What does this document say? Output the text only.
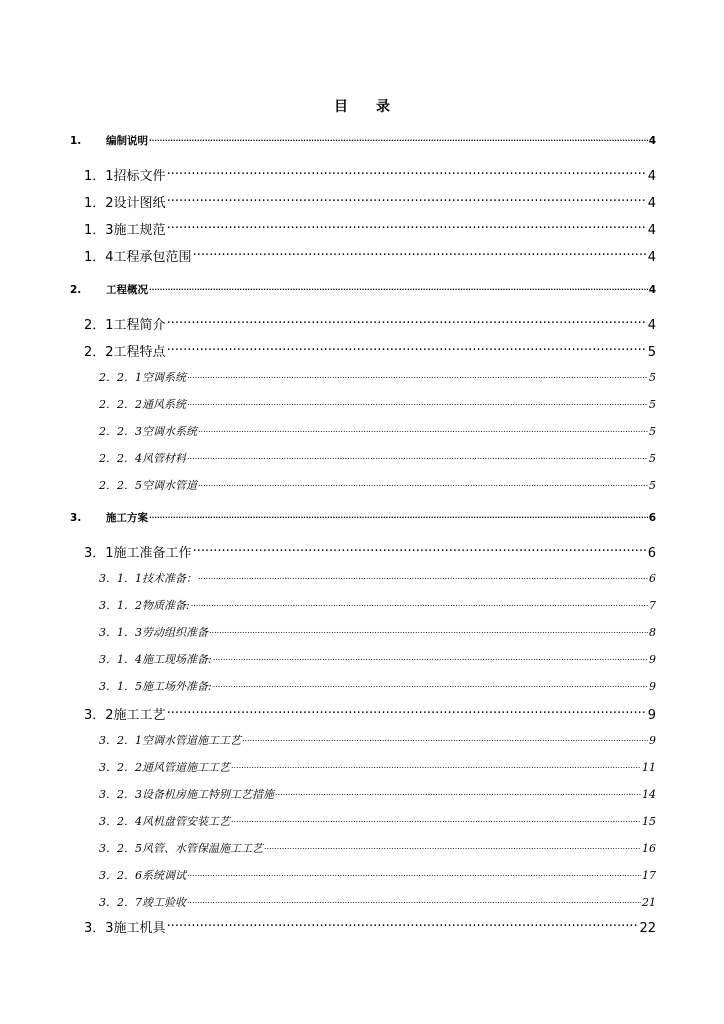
目 录
1.	编制说明 .....	4
1．1 招标文件 .....	4
1．2 设计图纸 .....	4
1．3 施工规范 .....	4
1．4 工程承包范围 .....	4
2.	工程概况 .....	4
2．1 工程简介 .....	4
2．2 工程特点 .....	5
2．2．1 空调系统 .....	5
2．2．2 通风系统 .....	5
2．2．3 空调水系统 .....	5
2．2．4 风管材料 .....	5
2．2．5 空调水管道 .....	5
3.	施工方案 .....	6
3．1 施工准备工作 .....	6
3．1．1 技术准备： .....	6
3．1．2 物质准备: .....	7
3．1．3 劳动组织准备 .....	8
3．1．4 施工现场准备: .....	9
3．1．5 施工场外准备: .....	9
3．2 施工工艺 .....	9
3．2．1 空调水管道施工工艺 .....	9
3．2．2 通风管道施工工艺 .....	11
3．2．3 设备机房施工特别工艺措施 .....	14
3．2．4 风机盘管安装工艺 .....	15
3．2．5 风管、水管保温施工工艺 .....	16
3．2．6 系统调试 .....	17
3．2．7 竣工验收 .....	21
3．3 施工机具 .....	22
